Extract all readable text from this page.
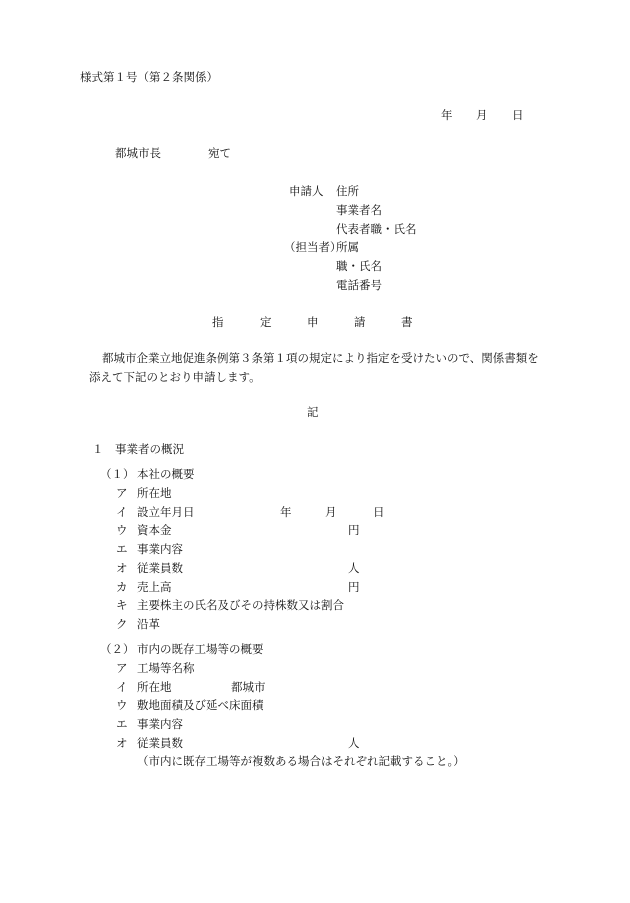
様式第１号（第２条関係）
年 月 日
都城市長	宛て
申請人 住所
事業者名
代表者職・氏名
（担当者）
所属
職・氏名
電話番号
指	定	申	請	書
都城市企業立地促進条例第３条第１項の規定により指定を受けたいので、関係書類を
添えて下記のとおり申請します。
記
１　事業者の概況
（１） 本社の概要
ア 所在地
イ 設立年月日	年	月	日
ウ 資本金	円
エ 事業内容
オ 従業員数	人
カ 売上高	円
キ 主要株主の氏名及びその持株数又は割合
ク 沿革
（２） 市内の既存工場等の概要
ア 工場等名称
イ 所在地	都城市
ウ 敷地面積及び延べ床面積
エ 事業内容
オ 従業員数	人
（市内に既存工場等が複数ある場合はそれぞれ記載すること。）
